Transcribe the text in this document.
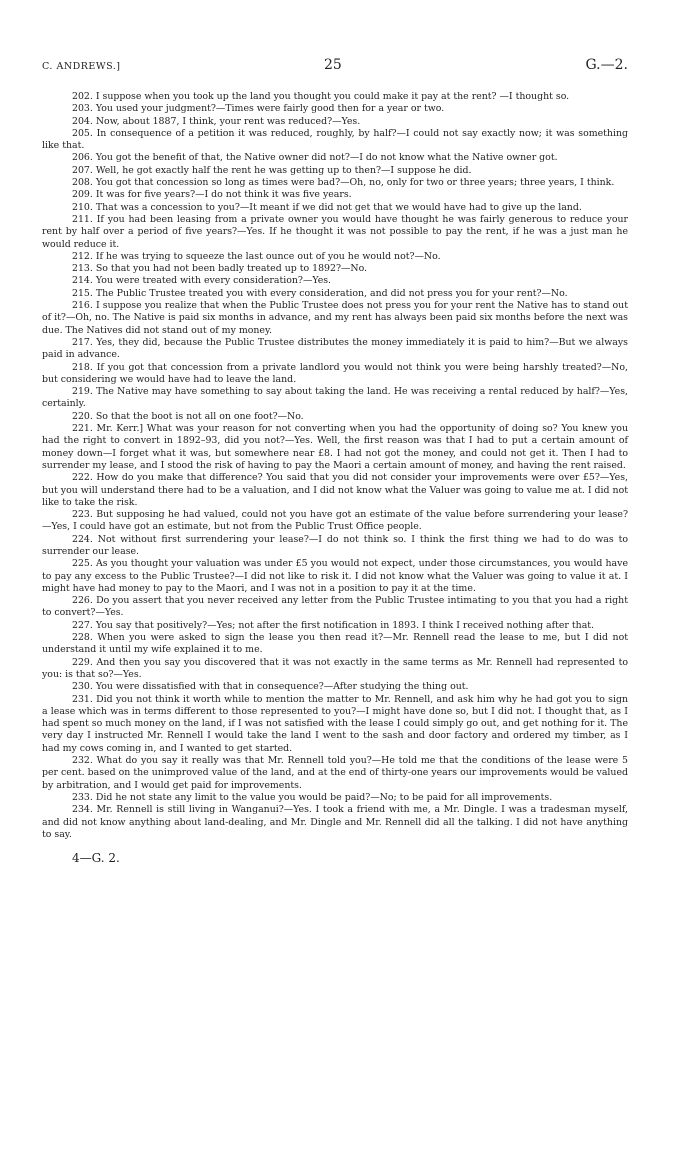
C. ANDREWS.]	25	G.—2.

202. I suppose when you took up the land you thought you could make it pay at the rent? —I thought so.

203. You used your judgment?—Times were fairly good then for a year or two.

204. Now, about 1887, I think, your rent was reduced?—Yes.

205. In consequence of a petition it was reduced, roughly, by half?—I could not say exactly now; it was something like that.

206. You got the benefit of that, the Native owner did not?—I do not know what the Native owner got.

207. Well, he got exactly half the rent he was getting up to then?—I suppose he did.

208. You got that concession so long as times were bad?—Oh, no, only for two or three years; three years, I think.

209. It was for five years?—I do not think it was five years.

210. That was a concession to you?—It meant if we did not get that we would have had to give up the land.

211. If you had been leasing from a private owner you would have thought he was fairly generous to reduce your rent by half over a period of five years?—Yes. If he thought it was not possible to pay the rent, if he was a just man he would reduce it.

212. If he was trying to squeeze the last ounce out of you he would not?—No.

213. So that you had not been badly treated up to 1892?—No.

214. You were treated with every consideration?—Yes.

215. The Public Trustee treated you with every consideration, and did not press you for your rent?—No.

216. I suppose you realize that when the Public Trustee does not press you for your rent the Native has to stand out of it?—Oh, no. The Native is paid six months in advance, and my rent has always been paid six months before the next was due. The Natives did not stand out of my money.

217. Yes, they did, because the Public Trustee distributes the money immediately it is paid to him?—But we always paid in advance.

218. If you got that concession from a private landlord you would not think you were being harshly treated?—No, but considering we would have had to leave the land.

219. The Native may have something to say about taking the land. He was receiving a rental reduced by half?—Yes, certainly.

220. So that the boot is not all on one foot?—No.

221. Mr. Kerr.] What was your reason for not converting when you had the opportunity of doing so? You knew you had the right to convert in 1892–93, did you not?—Yes. Well, the first reason was that I had to put a certain amount of money down—I forget what it was, but somewhere near £8. I had not got the money, and could not get it. Then I had to surrender my lease, and I stood the risk of having to pay the Maori a certain amount of money, and having the rent raised.

222. How do you make that difference? You said that you did not consider your improvements were over £5?—Yes, but you will understand there had to be a valuation, and I did not know what the Valuer was going to value me at. I did not like to take the risk.

223. But supposing he had valued, could not you have got an estimate of the value before surrendering your lease?—Yes, I could have got an estimate, but not from the Public Trust Office people.

224. Not without first surrendering your lease?—I do not think so. I think the first thing we had to do was to surrender our lease.

225. As you thought your valuation was under £5 you would not expect, under those circumstances, you would have to pay any excess to the Public Trustee?—I did not like to risk it. I did not know what the Valuer was going to value it at. I might have had money to pay to the Maori, and I was not in a position to pay it at the time.

226. Do you assert that you never received any letter from the Public Trustee intimating to you that you had a right to convert?—Yes.

227. You say that positively?—Yes; not after the first notification in 1893. I think I received nothing after that.

228. When you were asked to sign the lease you then read it?—Mr. Rennell read the lease to me, but I did not understand it until my wife explained it to me.

229. And then you say you discovered that it was not exactly in the same terms as Mr. Rennell had represented to you: is that so?—Yes.

230. You were dissatisfied with that in consequence?—After studying the thing out.

231. Did you not think it worth while to mention the matter to Mr. Rennell, and ask him why he had got you to sign a lease which was in terms different to those represented to you?—I might have done so, but I did not. I thought that, as I had spent so much money on the land, if I was not satisfied with the lease I could simply go out, and get nothing for it. The very day I instructed Mr. Rennell I would take the land I went to the sash and door factory and ordered my timber, as I had my cows coming in, and I wanted to get started.

232. What do you say it really was that Mr. Rennell told you?—He told me that the conditions of the lease were 5 per cent. based on the unimproved value of the land, and at the end of thirty-one years our improvements would be valued by arbitration, and I would get paid for improvements.

233. Did he not state any limit to the value you would be paid?—No; to be paid for all improvements.

234. Mr. Rennell is still living in Wanganui?—Yes. I took a friend with me, a Mr. Dingle. I was a tradesman myself, and did not know anything about land-dealing, and Mr. Dingle and Mr. Rennell did all the talking. I did not have anything to say.

4—G. 2.
